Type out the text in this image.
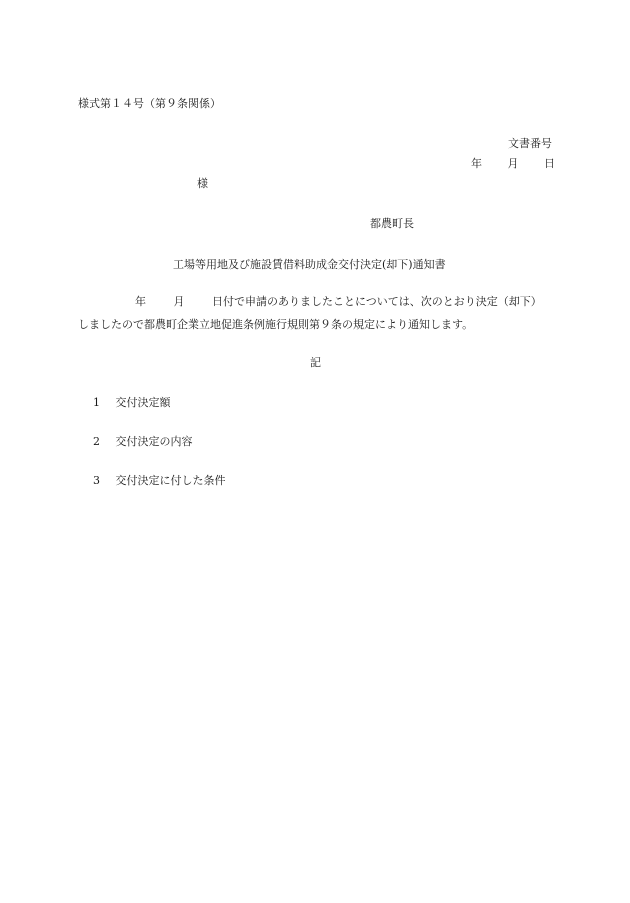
様式第１４号（第９条関係）
文書番号
年 月 日
様
都農町長
工場等用地及び施設賃借料助成金交付決定(却下)通知書
年	月	日付で申請のありましたことについては、次のとおり決定（却下）
しましたので都農町企業立地促進条例施行規則第９条の規定により通知します。
記
1 交付決定額
2 交付決定の内容
3 交付決定に付した条件
